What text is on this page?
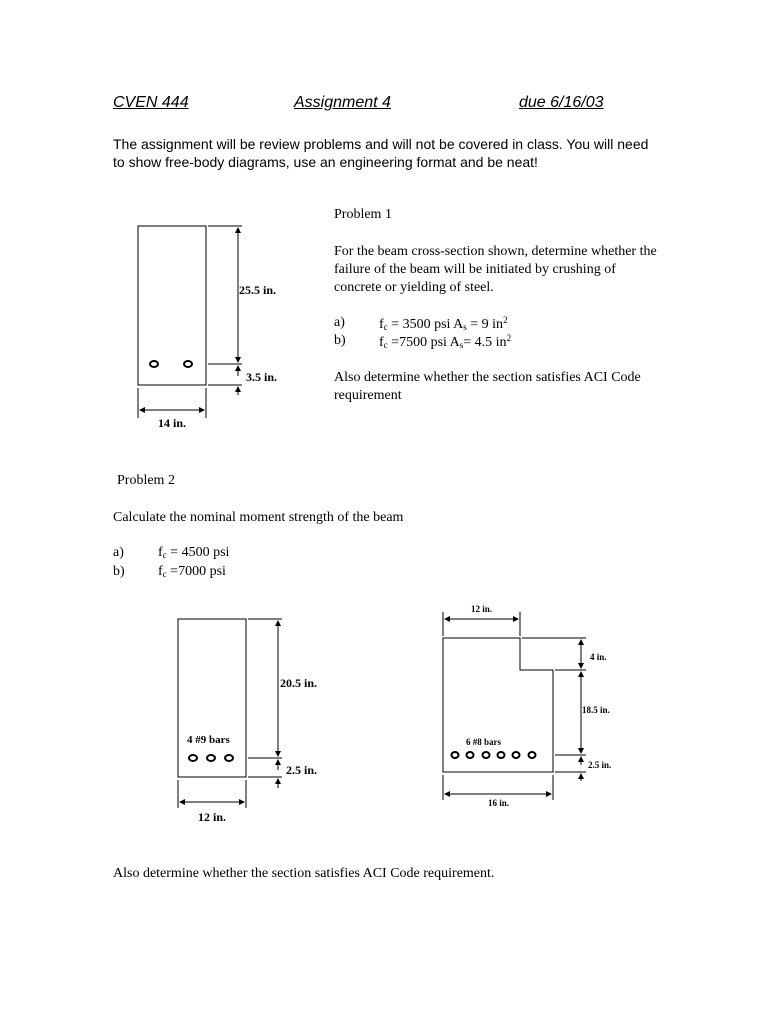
CVEN 444	Assignment 4	due 6/16/03
The assignment will be review problems and will not be covered in class. You will need to show free-body diagrams, use an engineering format and be neat!
Problem 1
For the beam cross-section shown, determine whether the failure of the beam will be initiated by crushing of concrete or yielding of steel.
a) $f_c = 3500$ psi $A_s = 9$ $in^2$
b) $f_c =7500$ psi $A_s= 4.5$ $in^2$
Also determine whether the section satisfies ACI Code requirement
25.5 in.
3.5 in.
14 in.
Problem 2
Calculate the nominal moment strength of the beam
a) $f_c = 4500$ psi
b) $f_c =7000$ psi
20.5 in.
4 #9 bars
2.5 in.
12 in.
12 in.
4 in.
18.5 in.
6 #8 bars
2.5 in.
16 in.
Also determine whether the section satisfies ACI Code requirement.
